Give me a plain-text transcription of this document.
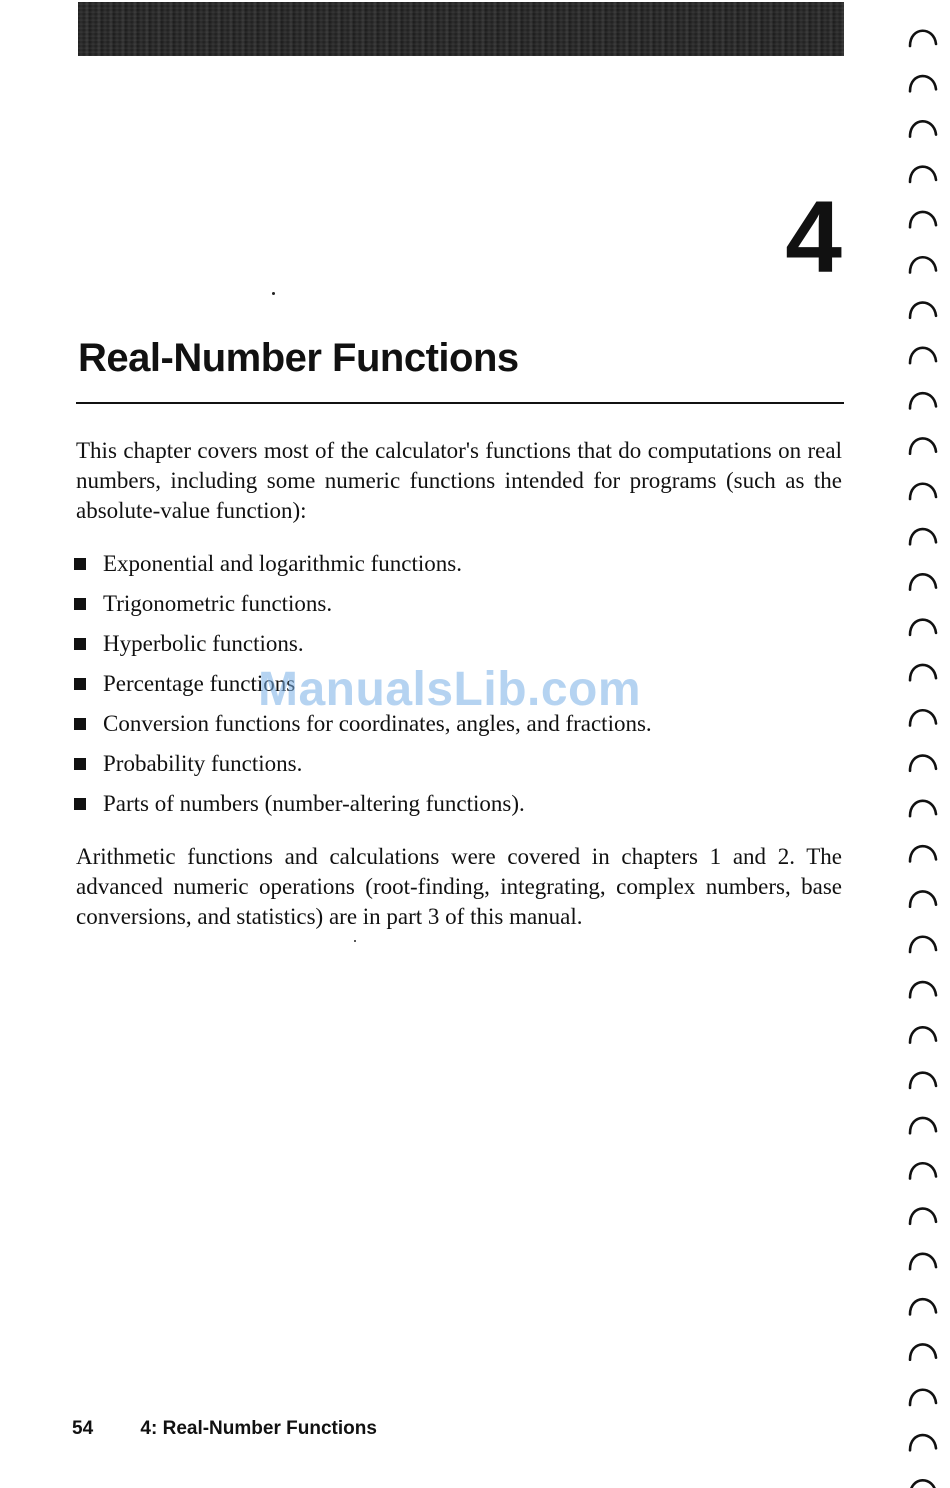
4
Real-Number Functions

This chapter covers most of the calculator's functions that do computations on real numbers, including some numeric functions intended for programs (such as the absolute-value function):

Exponential and logarithmic functions.
Trigonometric functions.
Hyperbolic functions.
Percentage functions
Conversion functions for coordinates, angles, and fractions.
Probability functions.
Parts of numbers (number-altering functions).

Arithmetic functions and calculations were covered in chapters 1 and 2. The advanced numeric operations (root-finding, integrating, complex numbers, base conversions, and statistics) are in part 3 of this manual.

ManualsLib.com
54 4: Real-Number Functions
